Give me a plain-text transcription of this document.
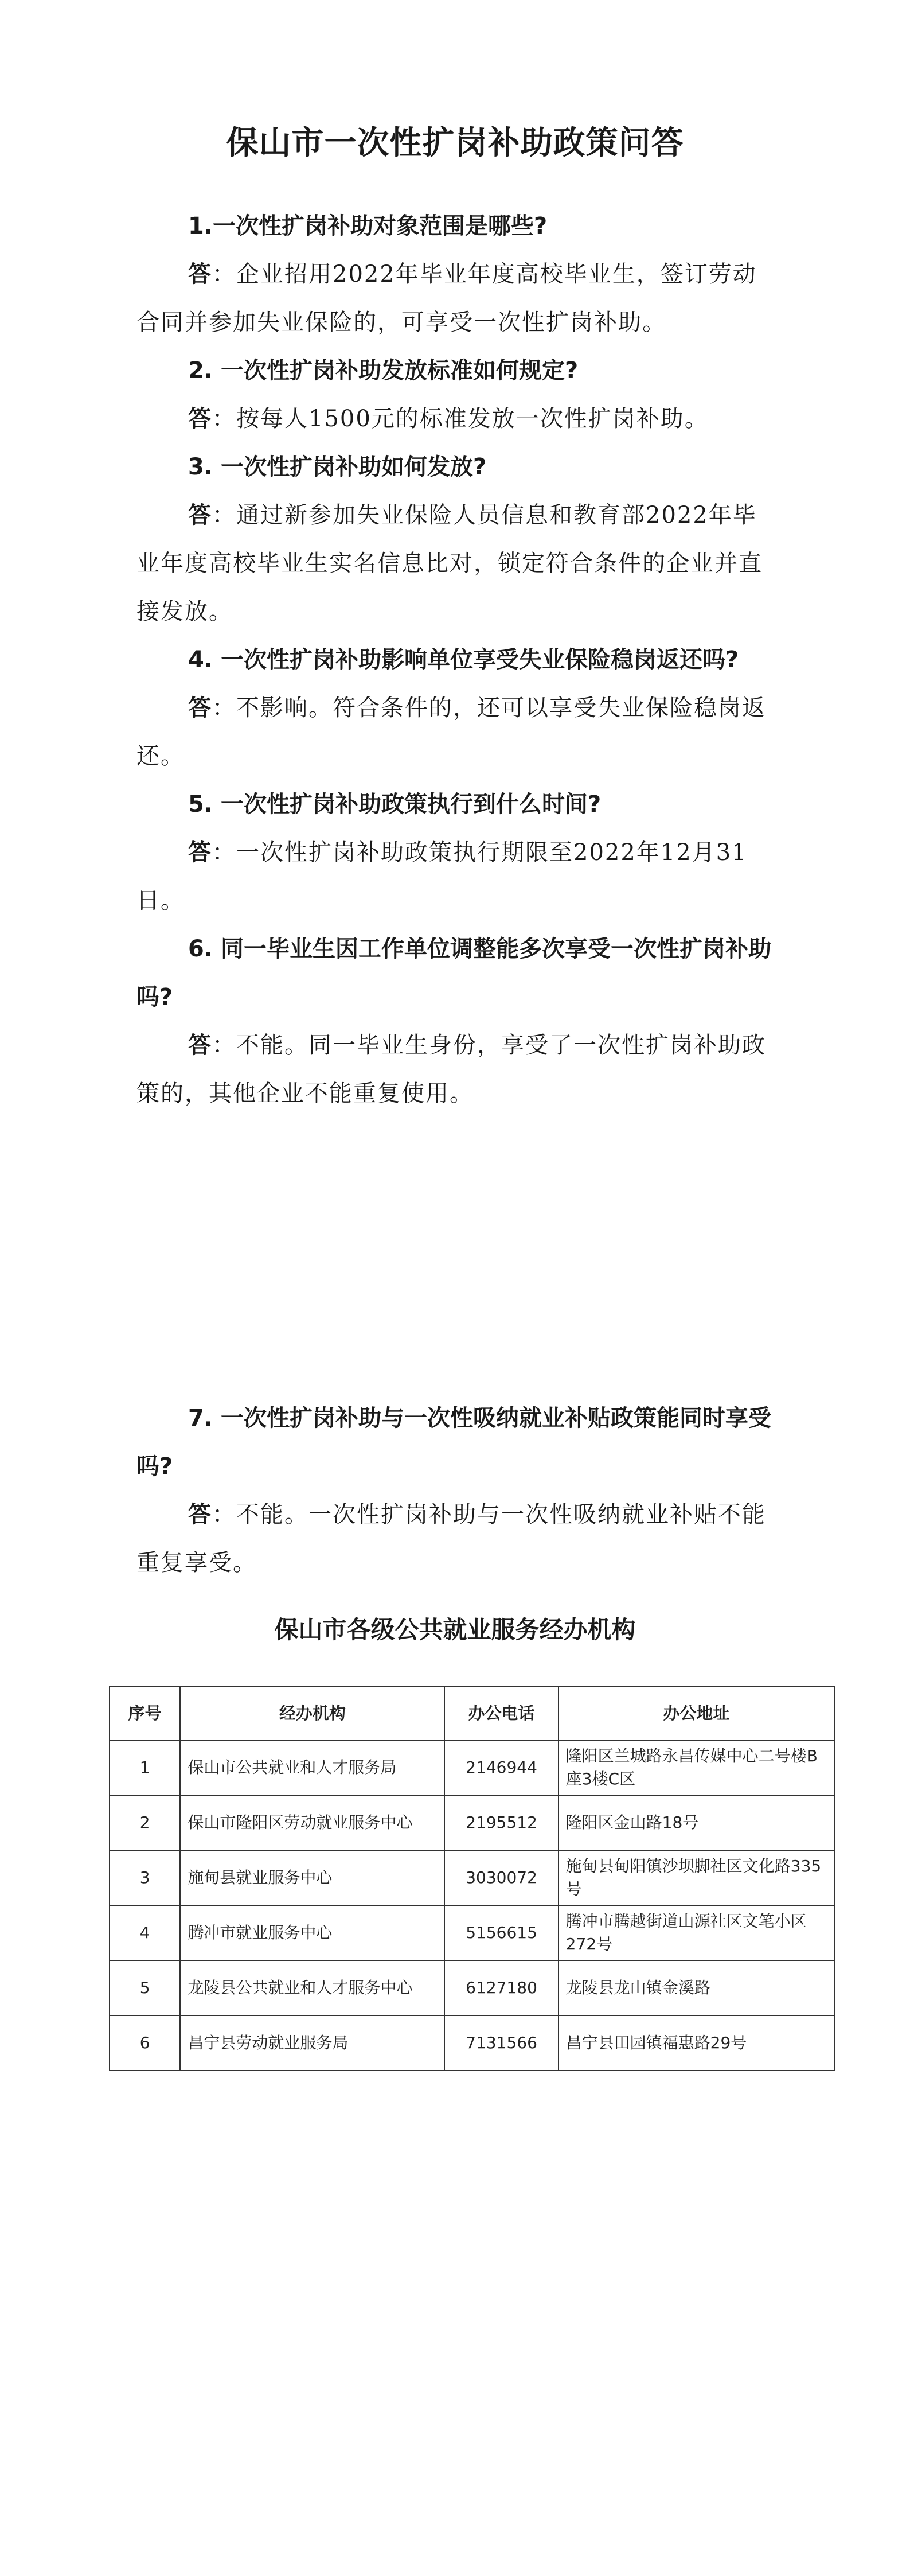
保山市一次性扩岗补助政策问答

1.一次性扩岗补助对象范围是哪些?

答：企业招用2022年毕业年度高校毕业生，签订劳动合同并参加失业保险的，可享受一次性扩岗补助。

2. 一次性扩岗补助发放标准如何规定?

答：按每人1500元的标准发放一次性扩岗补助。

3. 一次性扩岗补助如何发放?

答：通过新参加失业保险人员信息和教育部2022年毕业年度高校毕业生实名信息比对，锁定符合条件的企业并直接发放。

4. 一次性扩岗补助影响单位享受失业保险稳岗返还吗?

答：不影响。符合条件的，还可以享受失业保险稳岗返还。

5. 一次性扩岗补助政策执行到什么时间?

答：一次性扩岗补助政策执行期限至2022年12月31日。

6. 同一毕业生因工作单位调整能多次享受一次性扩岗补助吗?

答：不能。同一毕业生身份，享受了一次性扩岗补助政策的，其他企业不能重复使用。

7. 一次性扩岗补助与一次性吸纳就业补贴政策能同时享受吗?

答：不能。一次性扩岗补助与一次性吸纳就业补贴不能重复享受。

保山市各级公共就业服务经办机构
序号	经办机构	办公电话	办公地址
1	保山市公共就业和人才服务局	2146944	隆阳区兰城路永昌传媒中心二号楼B座3楼C区
2	保山市隆阳区劳动就业服务中心	2195512	隆阳区金山路18号
3	施甸县就业服务中心	3030072	施甸县甸阳镇沙坝脚社区文化路335号
4	腾冲市就业服务中心	5156615	腾冲市腾越街道山源社区文笔小区272号
5	龙陵县公共就业和人才服务中心	6127180	龙陵县龙山镇金溪路
6	昌宁县劳动就业服务局	7131566	昌宁县田园镇福惠路29号
